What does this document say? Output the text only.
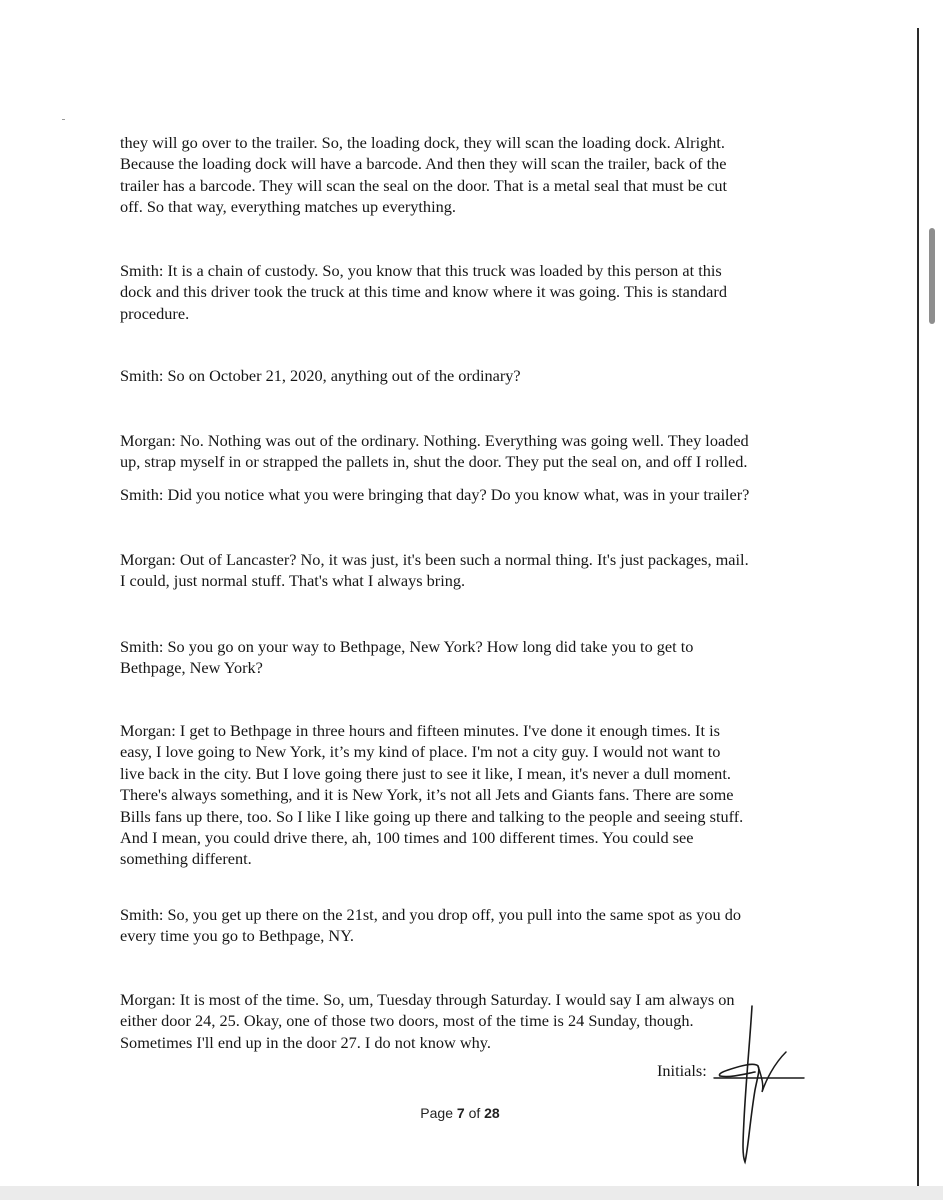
they will go over to the trailer. So, the loading dock, they will scan the loading dock. Alright.
Because the loading dock will have a barcode. And then they will scan the trailer, back of the
trailer has a barcode. They will scan the seal on the door. That is a metal seal that must be cut
off. So that way, everything matches up everything.

Smith: It is a chain of custody. So, you know that this truck was loaded by this person at this
dock and this driver took the truck at this time and know where it was going. This is standard
procedure.

Smith: So on October 21, 2020, anything out of the ordinary?

Morgan: No. Nothing was out of the ordinary. Nothing. Everything was going well. They loaded
up, strap myself in or strapped the pallets in, shut the door. They put the seal on, and off I rolled.

Smith: Did you notice what you were bringing that day? Do you know what, was in your trailer?

Morgan: Out of Lancaster? No, it was just, it's been such a normal thing. It's just packages, mail.
I could, just normal stuff. That's what I always bring.

Smith: So you go on your way to Bethpage, New York? How long did take you to get to
Bethpage, New York?

Morgan: I get to Bethpage in three hours and fifteen minutes. I've done it enough times. It is
easy, I love going to New York, it’s my kind of place. I'm not a city guy. I would not want to
live back in the city. But I love going there just to see it like, I mean, it's never a dull moment.
There's always something, and it is New York, it’s not all Jets and Giants fans. There are some
Bills fans up there, too. So I like I like going up there and talking to the people and seeing stuff.
And I mean, you could drive there, ah, 100 times and 100 different times. You could see
something different.

Smith: So, you get up there on the 21st, and you drop off, you pull into the same spot as you do
every time you go to Bethpage, NY.

Morgan: It is most of the time. So, um, Tuesday through Saturday. I would say I am always on
either door 24, 25. Okay, one of those two doors, most of the time is 24 Sunday, though.
Sometimes I'll end up in the door 27. I do not know why.

Initials:
Page 7 of 28
